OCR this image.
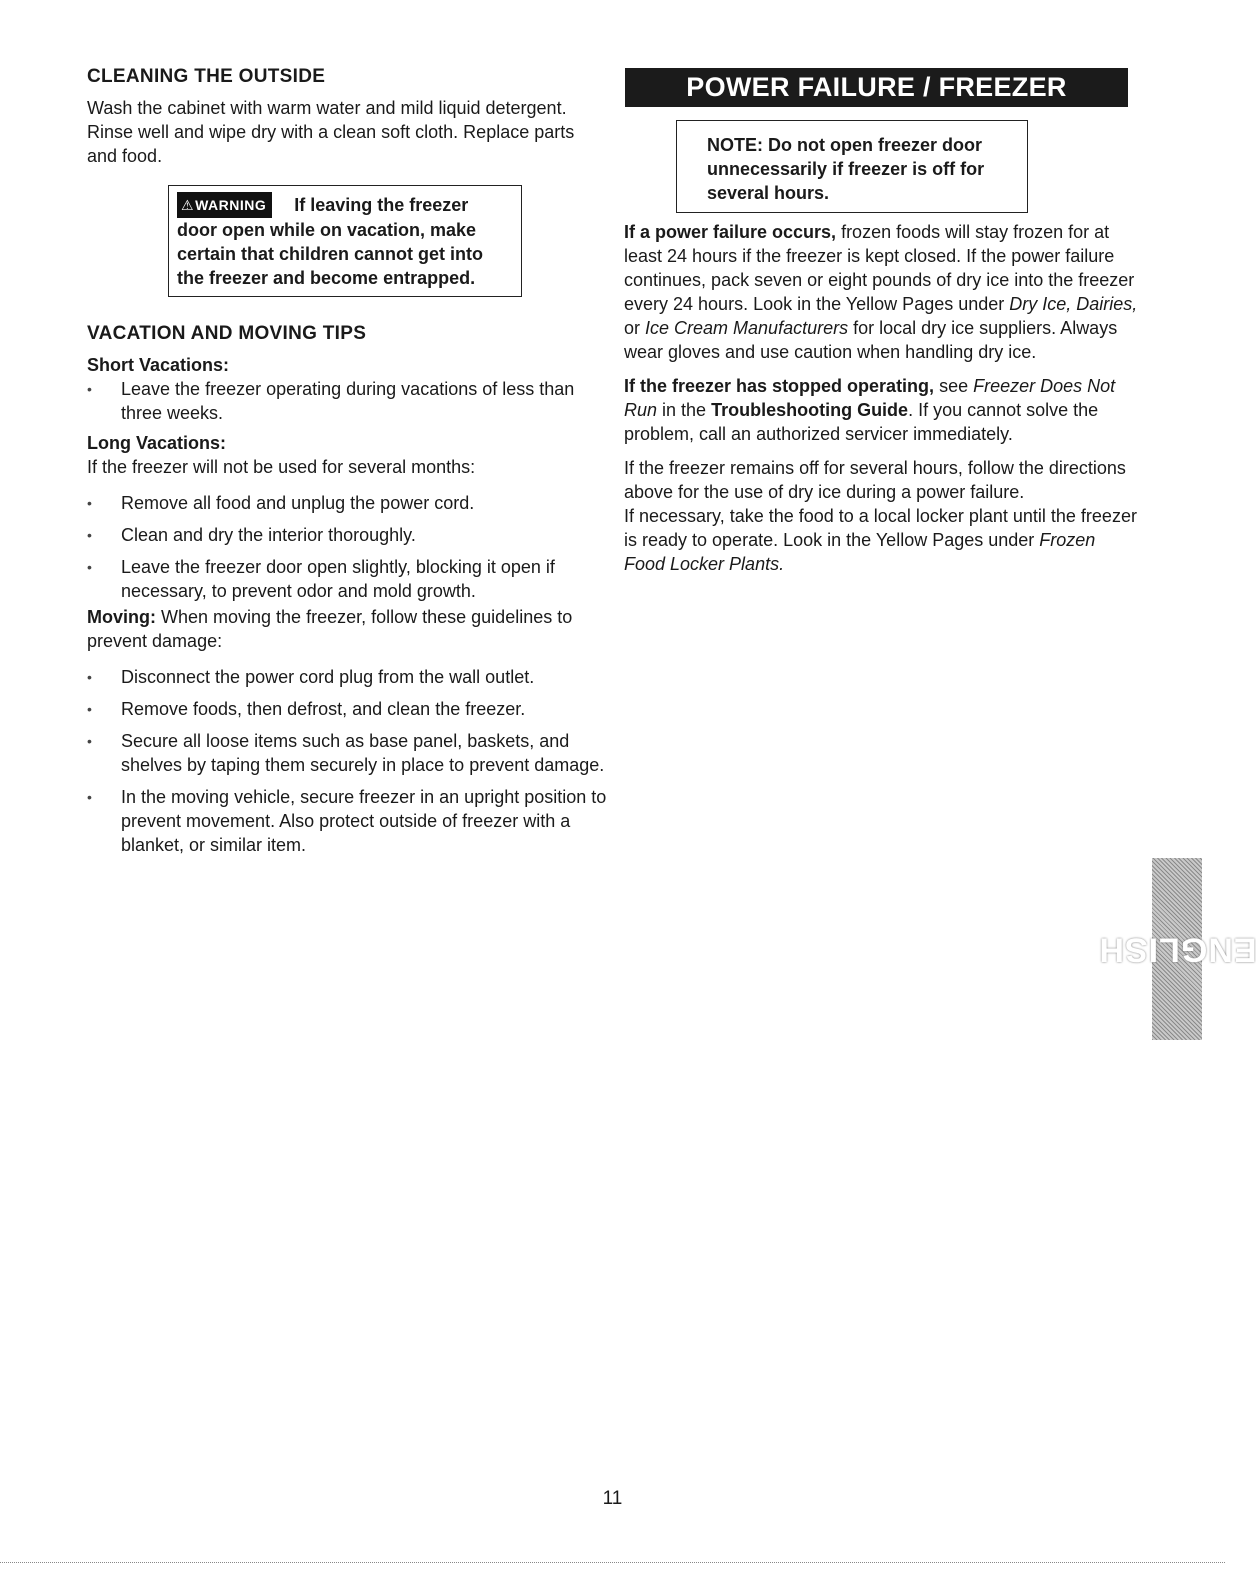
CLEANING THE OUTSIDE

Wash the cabinet with warm water and mild liquid detergent. Rinse well and wipe dry with a clean soft cloth. Replace parts and food.

⚠WARNING If leaving the freezer door open while on vacation, make certain that children cannot get into the freezer and become entrapped.
VACATION AND MOVING TIPS
Short Vacations:
• Leave the freezer operating during vacations of less than three weeks.
Long Vacations:

If the freezer will not be used for several months:

• Remove all food and unplug the power cord.
• Clean and dry the interior thoroughly.
• Leave the freezer door open slightly, blocking it open if necessary, to prevent odor and mold growth.

Moving: When moving the freezer, follow these guidelines to prevent damage:

• Disconnect the power cord plug from the wall outlet.
• Remove foods, then defrost, and clean the freezer.
• Secure all loose items such as base panel, baskets, and shelves by taping them securely in place to prevent damage.
• In the moving vehicle, secure freezer in an upright position to prevent movement. Also protect outside of freezer with a blanket, or similar item.
POWER FAILURE / FREEZER FAILURE
NOTE: Do not open freezer door unnecessarily if freezer is off for several hours.

If a power failure occurs, frozen foods will stay frozen for at least 24 hours if the freezer is kept closed. If the power failure continues, pack seven or eight pounds of dry ice into the freezer every 24 hours. Look in the Yellow Pages under Dry Ice, Dairies, or Ice Cream Manufacturers for local dry ice suppliers. Always wear gloves and use caution when handling dry ice.

If the freezer has stopped operating, see Freezer Does Not Run in the Troubleshooting Guide. If you cannot solve the problem, call an authorized servicer immediately.

If the freezer remains off for several hours, follow the directions above for the use of dry ice during a power failure.

If necessary, take the food to a local locker plant until the freezer is ready to operate. Look in the Yellow Pages under Frozen Food Locker Plants.

ENGLISH
11
